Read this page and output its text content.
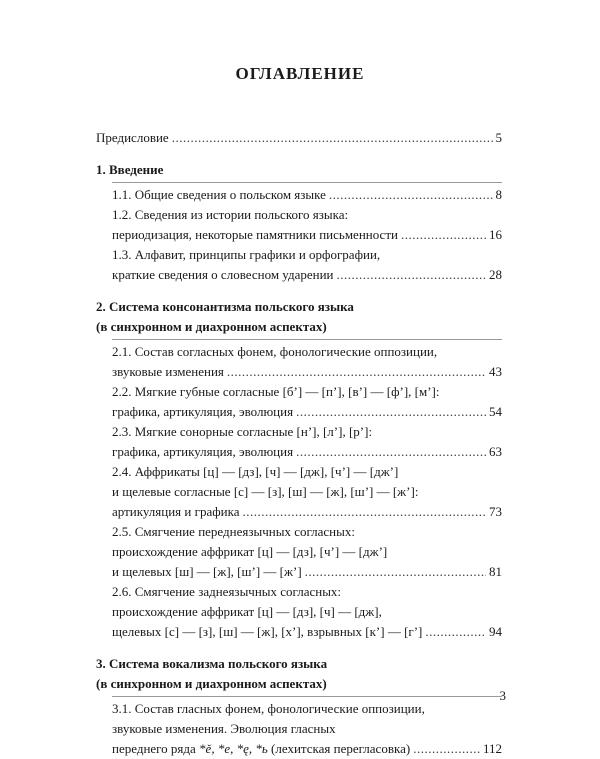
ОГЛАВЛЕНИЕ
Предисловие .....	5
1. Введение
1.1. Общие сведения о польском языке .....	8
1.2. Сведения из истории польского языка:
периодизация, некоторые памятники письменности .....	16
1.3. Алфавит, принципы графики и орфографии,
краткие сведения о словесном ударении .....	28
2. Система консонантизма польского языка
(в синхронном и диахронном аспектах)
2.1. Состав согласных фонем, фонологические оппозиции,
звуковые изменения .....	43
2.2. Мягкие губные согласные [б’] — [п’], [в’] — [ф’], [м’]:
графика, артикуляция, эволюция .....	54
2.3. Мягкие сонорные согласные [н’], [л’], [р’]:
графика, артикуляция, эволюция .....	63
2.4. Аффрикаты [ц] — [дз], [ч] — [дж], [ч’] — [дж’]
и щелевые согласные [с] — [з], [ш] — [ж], [ш’] — [ж’]:
артикуляция и графика .....	73
2.5. Смягчение переднеязычных согласных:
происхождение аффрикат [ц] — [дз], [ч’] — [дж’]
и щелевых [ш] — [ж], [ш’] — [ж’] .....	81
2.6. Смягчение заднеязычных согласных:
происхождение аффрикат [ц] — [дз], [ч] — [дж],
щелевых [с] — [з], [ш] — [ж], [х’], взрывных [к’] — [г’] .....	94
3. Система вокализма польского языка
(в синхронном и диахронном аспектах)
3.1. Состав гласных фонем, фонологические оппозиции,
звуковые изменения. Эволюция гласных
переднего ряда *ě, *e, *ę, *ь (лехитская перегласовка) .....	112
3
